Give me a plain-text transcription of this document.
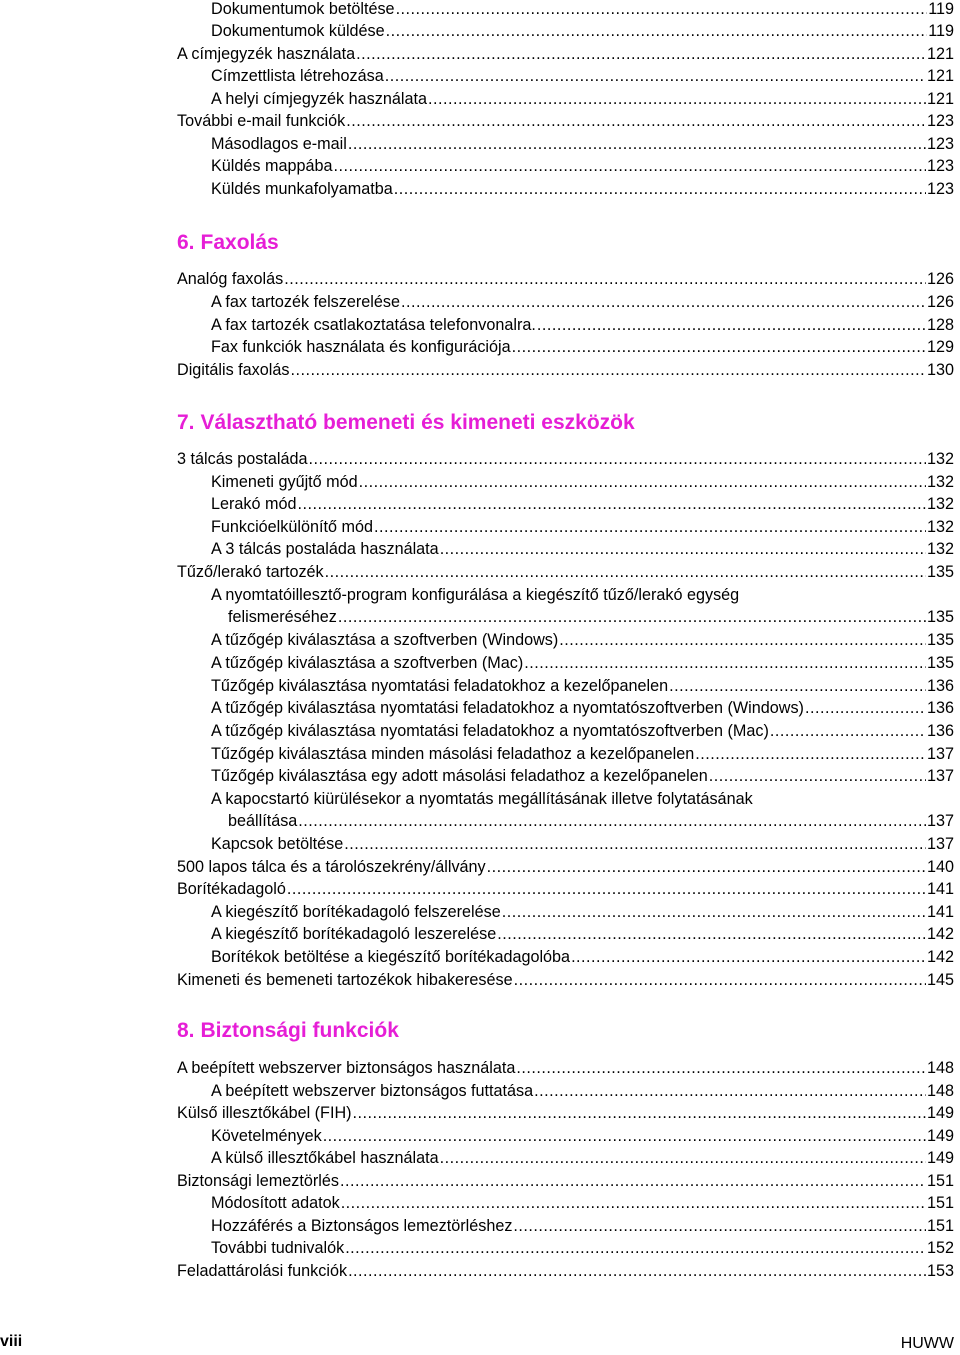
Dokumentumok betöltése .....	119
Dokumentumok küldése .....	119
A címjegyzék használata .....	121
Címzettlista létrehozása .....	121
A helyi címjegyzék használata .....	121
További e-mail funkciók .....	123
Másodlagos e-mail .....	123
Küldés mappába .....	123
Küldés munkafolyamatba .....	123
6. Faxolás
Analóg faxolás .....	126
A fax tartozék felszerelése .....	126
A fax tartozék csatlakoztatása telefonvonalra. .....	128
Fax funkciók használata és konfigurációja .....	129
Digitális faxolás .....	130
7. Választható bemeneti és kimeneti eszközök
3 tálcás postaláda .....	132
Kimeneti gyűjtő mód .....	132
Lerakó mód .....	132
Funkcióelkülönítő mód .....	132
A 3 tálcás postaláda használata .....	132
Tűző/lerakó tartozék .....	135
A nyomtatóillesztő-program konfigurálása a kiegészítő tűző/lerakó egység
felismeréséhez .....	135
A tűzőgép kiválasztása a szoftverben (Windows) .....	135
A tűzőgép kiválasztása a szoftverben (Mac) .....	135
Tűzőgép kiválasztása nyomtatási feladatokhoz a kezelőpanelen .....	136
A tűzőgép kiválasztása nyomtatási feladatokhoz a nyomtatószoftverben (Windows) .....	136
A tűzőgép kiválasztása nyomtatási feladatokhoz a nyomtatószoftverben (Mac) .....	136
Tűzőgép kiválasztása minden másolási feladathoz a kezelőpanelen .....	137
Tűzőgép kiválasztása egy adott másolási feladathoz a kezelőpanelen .....	137
A kapocstartó kiürülésekor a nyomtatás megállításának illetve folytatásának
beállítása .....	137
Kapcsok betöltése .....	137
500 lapos tálca és a tárolószekrény/állvány .....	140
Borítékadagoló .....	141
A kiegészítő borítékadagoló felszerelése .....	141
A kiegészítő borítékadagoló leszerelése .....	142
Borítékok betöltése a kiegészítő borítékadagolóba .....	142
Kimeneti és bemeneti tartozékok hibakeresése .....	145
8. Biztonsági funkciók
A beépített webszerver biztonságos használata .....	148
A beépített webszerver biztonságos futtatása .....	148
Külső illesztőkábel (FIH) .....	149
Követelmények .....	149
A külső illesztőkábel használata .....	149
Biztonsági lemeztörlés .....	151
Módosított adatok .....	151
Hozzáférés a Biztonságos lemeztörléshez .....	151
További tudnivalók .....	152
Feladattárolási funkciók .....	153
viii	HUWW
